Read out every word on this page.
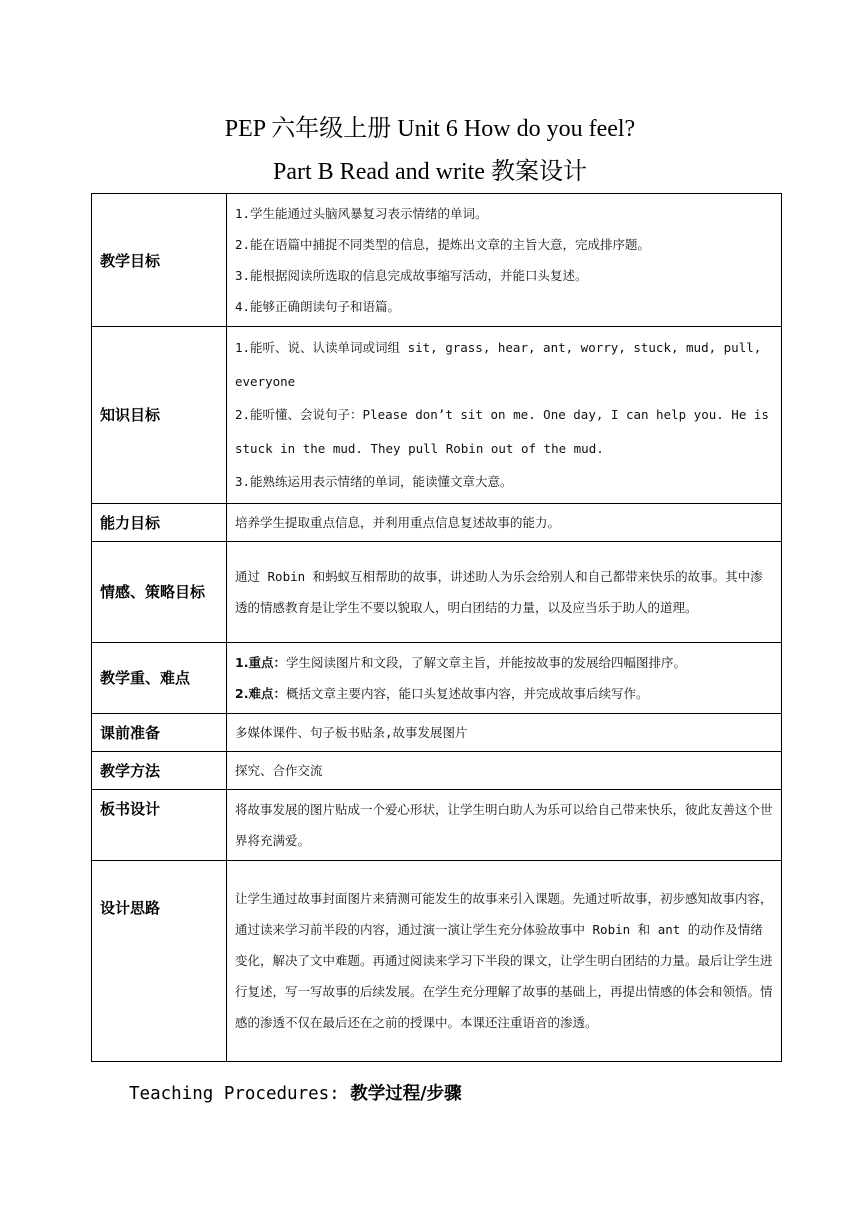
PEP 六年级上册 Unit 6 How do you feel?
Part B Read and write 教案设计
教学目标	1.学生能通过头脑风暴复习表示情绪的单词。

2.能在语篇中捕捉不同类型的信息，提炼出文章的主旨大意，完成排序题。

3.能根据阅读所选取的信息完成故事缩写活动，并能口头复述。

4.能够正确朗读句子和语篇。

知识目标	1.能听、说、认读单词或词组 sit, grass, hear, ant, worry, stuck, mud, pull, everyone

2.能听懂、会说句子：Please don’t sit on me. One day, I can help you. He is stuck in the mud. They pull Robin out of the mud.

3.能熟练运用表示情绪的单词，能读懂文章大意。

能力目标	培养学生提取重点信息，并利用重点信息复述故事的能力。

情感、策略目标	通过 Robin 和蚂蚁互相帮助的故事，讲述助人为乐会给别人和自己都带来快乐的故事。其中渗透的情感教育是让学生不要以貌取人，明白团结的力量，以及应当乐于助人的道理。

教学重、难点	1.重点：学生阅读图片和文段，了解文章主旨，并能按故事的发展给四幅图排序。

2.难点：概括文章主要内容，能口头复述故事内容，并完成故事后续写作。

课前准备	多媒体课件、句子板书贴条,故事发展图片

教学方法	探究、合作交流

板书设计	将故事发展的图片贴成一个爱心形状，让学生明白助人为乐可以给自己带来快乐，彼此友善这个世界将充满爱。

设计思路	让学生通过故事封面图片来猜测可能发生的故事来引入课题。先通过听故事，初步感知故事内容，通过读来学习前半段的内容，通过演一演让学生充分体验故事中 Robin 和 ant 的动作及情绪变化，解决了文中难题。再通过阅读来学习下半段的课文，让学生明白团结的力量。最后让学生进行复述，写一写故事的后续发展。在学生充分理解了故事的基础上，再提出情感的体会和领悟。情感的渗透不仅在最后还在之前的授课中。本课还注重语音的渗透。

Teaching Procedures: 教学过程/步骤
